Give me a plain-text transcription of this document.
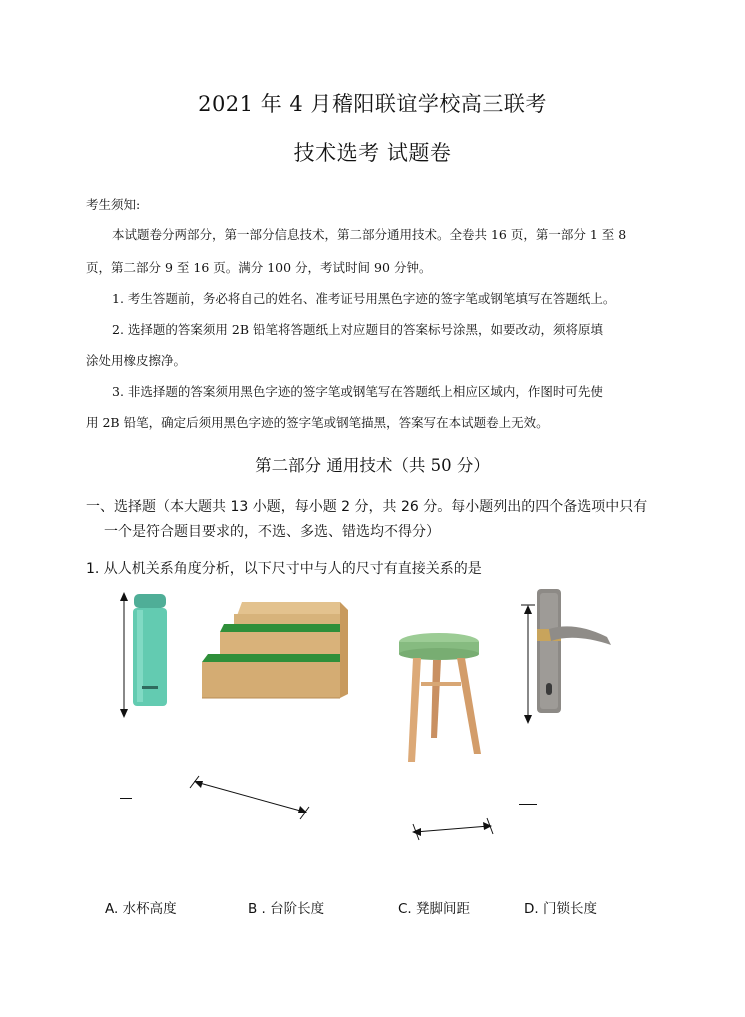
2021 年 4 月稽阳联谊学校高三联考
技术选考 试题卷
考生须知:
本试题卷分两部分，第一部分信息技术，第二部分通用技术。全卷共 16 页，第一部分 1 至 8
页，第二部分 9 至 16 页。满分 100 分，考试时间 90 分钟。
1. 考生答题前，务必将自己的姓名、准考证号用黑色字迹的签字笔或钢笔填写在答题纸上。
2. 选择题的答案须用 2B 铅笔将答题纸上对应题目的答案标号涂黑，如要改动，须将原填
涂处用橡皮擦净。
3. 非选择题的答案须用黑色字迹的签字笔或钢笔写在答题纸上相应区域内，作图时可先使
用 2B 铅笔，确定后须用黑色字迹的签字笔或钢笔描黑，答案写在本试题卷上无效。
第二部分 通用技术（共 50 分）
一、选择题（本大题共 13 小题，每小题 2 分，共 26 分。每小题列出的四个备选项中只有
一个是符合题目要求的，不选、多选、错选均不得分）
1. 从人机关系角度分析，以下尺寸中与人的尺寸有直接关系的是
A. 水杯高度	B . 台阶长度	C. 凳脚间距	D. 门锁长度
